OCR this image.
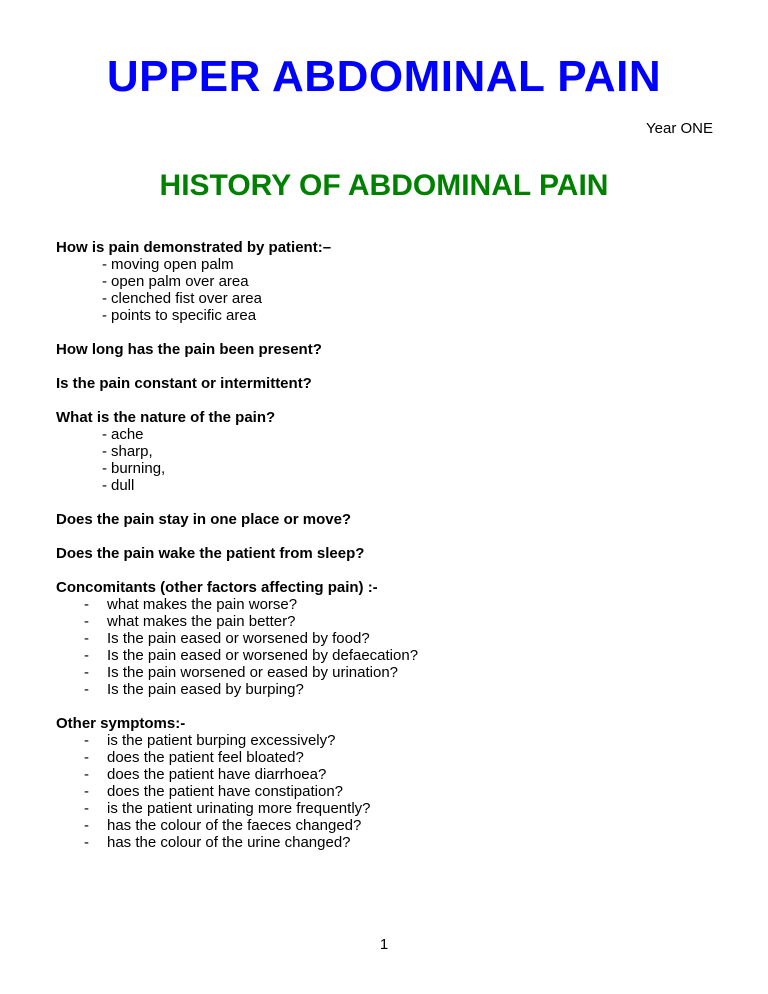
UPPER ABDOMINAL PAIN
Year ONE
HISTORY OF ABDOMINAL PAIN
How is pain demonstrated by patient:–
- moving open palm
- open palm over area
- clenched fist over area
- points to specific area
How long has the pain been present?
Is the pain constant or intermittent?
What is the nature of the pain?
- ache
- sharp,
- burning,
- dull
Does the pain stay in one place or move?
Does the pain wake the patient from sleep?
Concomitants (other factors affecting pain) :-
- what makes the pain worse?
- what makes the pain better?
- Is the pain eased or worsened by food?
- Is the pain eased or worsened by defaecation?
- Is the pain worsened or eased by urination?
- Is the pain eased by burping?
Other symptoms:-
- is the patient burping excessively?
- does the patient feel bloated?
- does the patient have diarrhoea?
- does the patient have constipation?
- is the patient urinating more frequently?
- has the colour of the faeces changed?
- has the colour of the urine changed?
1
